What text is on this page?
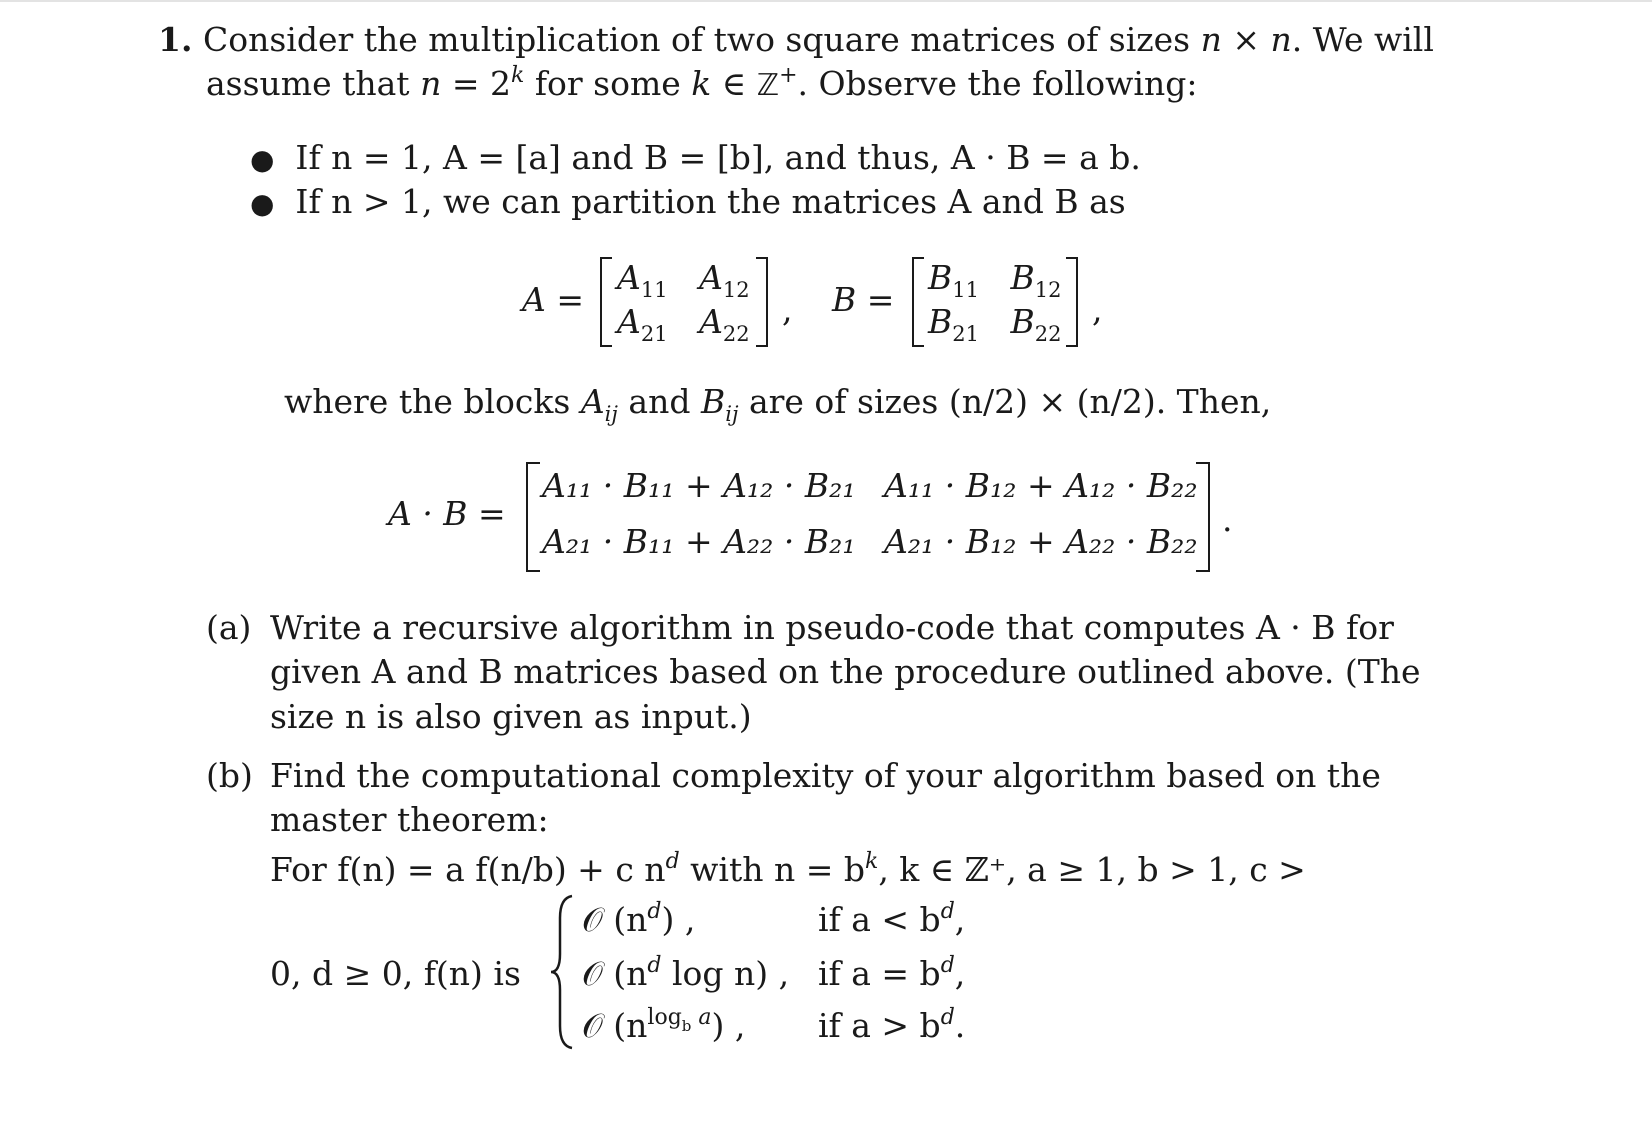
1. Consider the multiplication of two square matrices of sizes n × n. We will
assume that $n = 2^k$ for some k ∈ ℤ+. Observe the following:
● If n = 1, A = [a] and B = [b], and thus, A · B = a b.
● If n > 1, we can partition the matrices A and B as
A =
$A_{11}$ $A_{12}$
$A_{21}$ $A_{22}$
, B =
$B_{11}$ $B_{12}$
$B_{21}$ $B_{22}$
,
where the blocks $A_{ij}$ and $B_{ij}$ are of sizes (n/2) × (n/2). Then,
A · B =
A₁₁ · B₁₁ + A₁₂ · B₂₁ A₁₁ · B₁₂ + A₁₂ · B₂₂
A₂₁ · B₁₁ + A₂₂ · B₂₁ A₂₁ · B₁₂ + A₂₂ · B₂₂
.
(a) Write a recursive algorithm in pseudo-code that computes A · B for
given A and B matrices based on the procedure outlined above. (The
size n is also given as input.)
(b) Find the computational complexity of your algorithm based on the
master theorem:
For f(n) = a f(n/b) + c $n^d$ with $n = b^k$, k ∈ ℤ⁺, a ≥ 1, b > 1, c >
0, d ≥ 0, f(n) is
𝒪 $(n^d)$ ,
𝒪 ($n^d$ log n) ,
𝒪 ($n^{log}b$ $^a$) ,
if $a < b^d$,
if $a = b^d$,
if $a > b^d$.
